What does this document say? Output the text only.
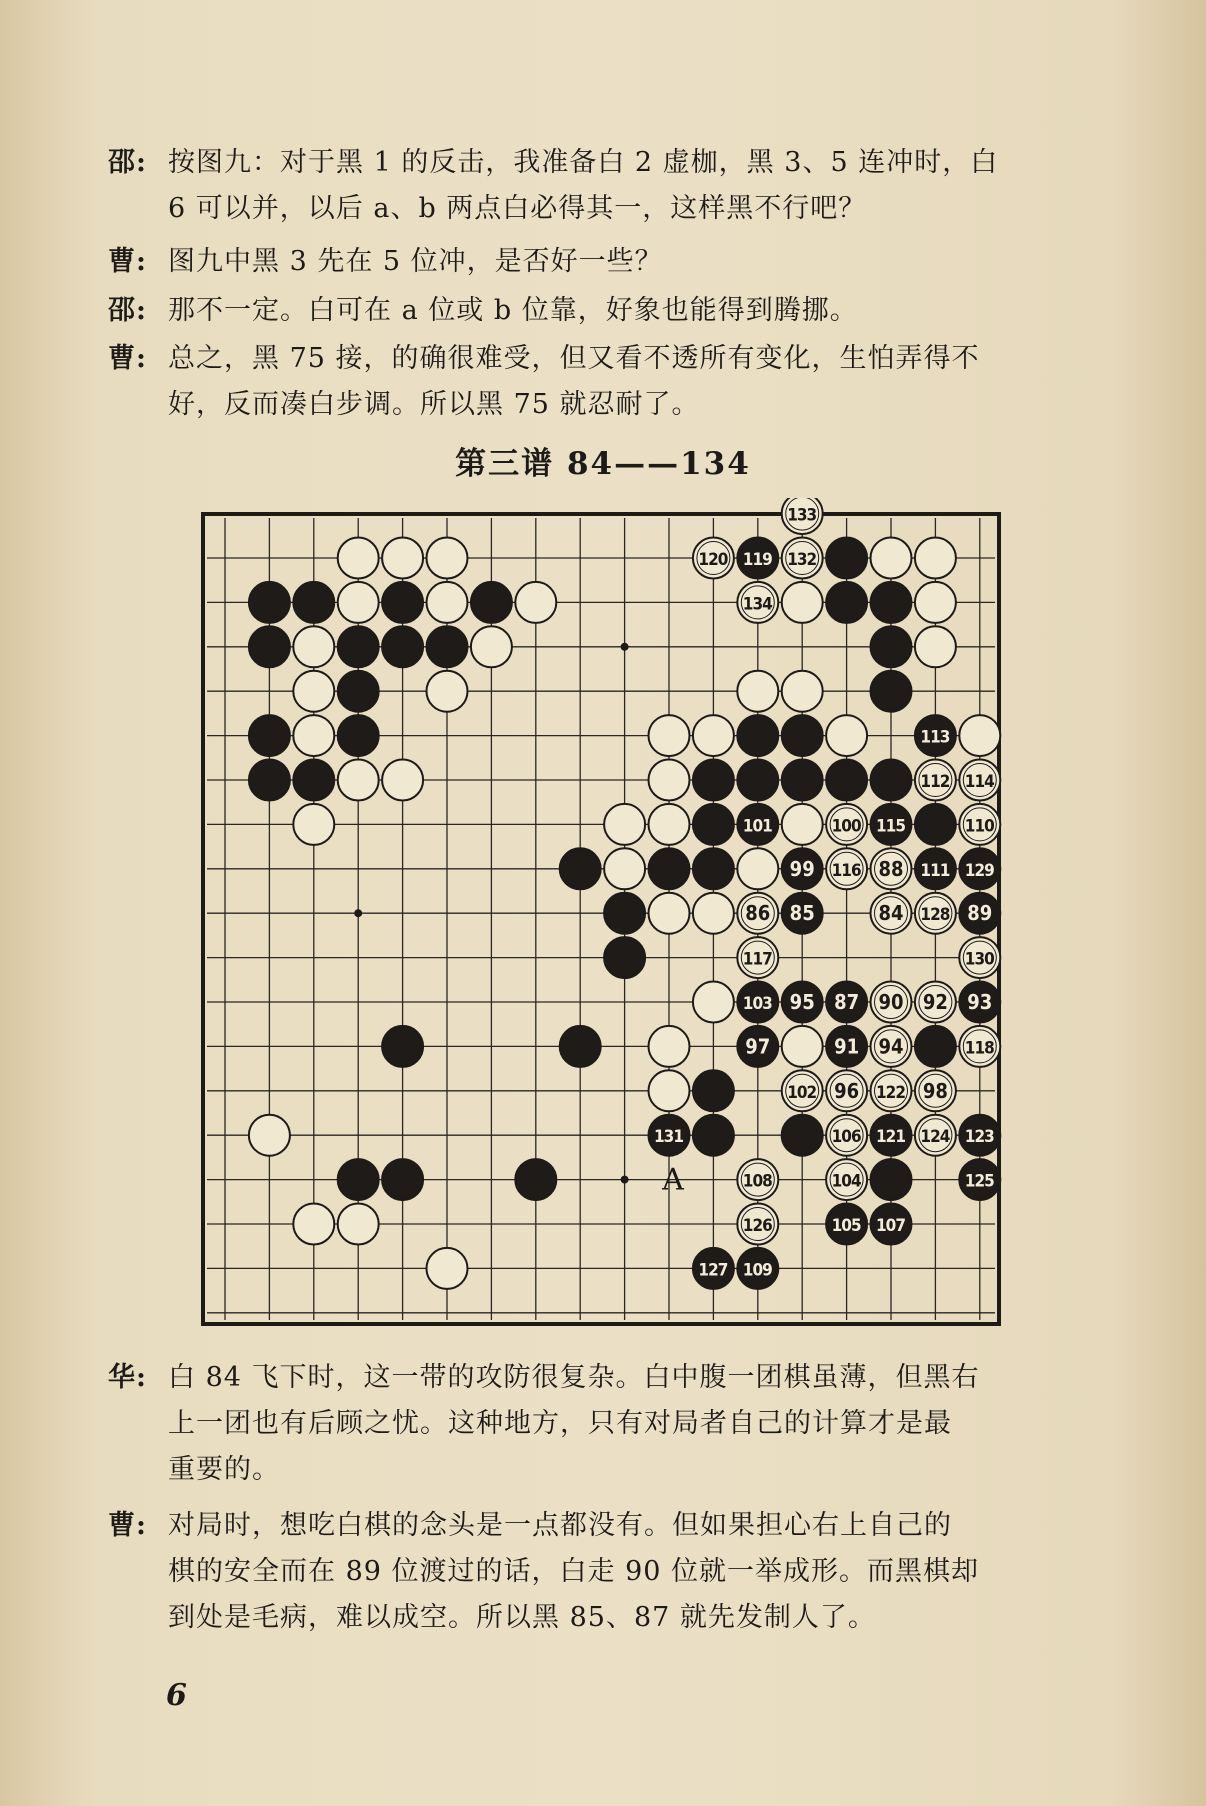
邵: 按图九：对于黑 1 的反击，我准备白 2 虚枷，黑 3、5 连冲时，白
6 可以并，以后 a、b 两点白必得其一，这样黑不行吧？
曹: 图九中黑 3 先在 5 位冲，是否好一些？
邵: 那不一定。白可在 a 位或 b 位靠，好象也能得到腾挪。
曹: 总之，黑 75 接，的确很难受，但又看不透所有变化，生怕弄得不
好，反而凑白步调。所以黑 75 就忍耐了。
第三谱 84——134
133
120 119 132
134
113
112 114
101	100 115	110
99 116 88 111 129
86 85	84 128 89
117	130
103 95 87 90 92 93
97	91 94	118
102 96 122 98
131	106 121 124 123
108	104	125
126	105 107
127 109
A
华: 白 84 飞下时，这一带的攻防很复杂。白中腹一团棋虽薄，但黑右
上一团也有后顾之忧。这种地方，只有对局者自己的计算才是最
重要的。
曹: 对局时，想吃白棋的念头是一点都没有。但如果担心右上自己的
棋的安全而在 89 位渡过的话，白走 90 位就一举成形。而黑棋却
到处是毛病，难以成空。所以黑 85、87 就先发制人了。
6
